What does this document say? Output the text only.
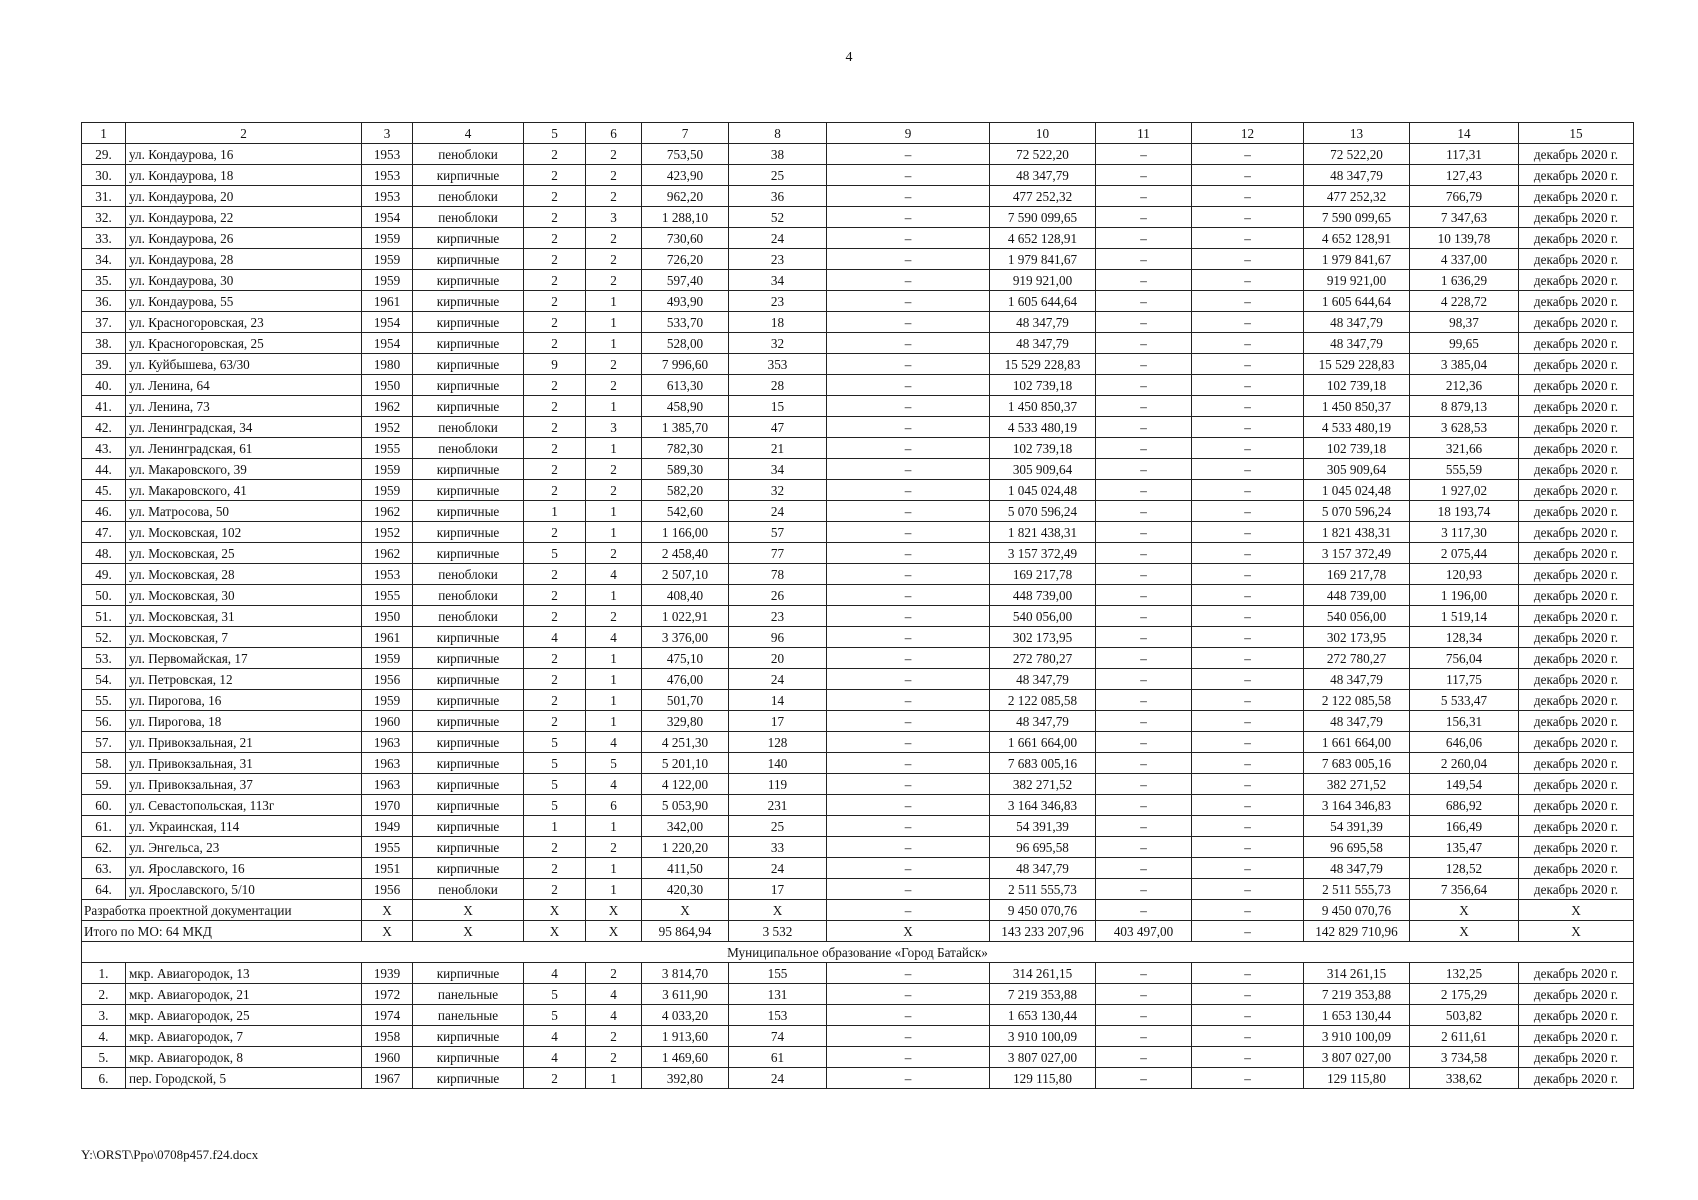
4
1	2	3	4	5	6	7	8	9	10	11	12	13	14	15
29.	ул. Кондаурова, 16	1953	пеноблоки	2	2	753,50	38	–	72 522,20	–	–	72 522,20	117,31	декабрь 2020 г.
30.	ул. Кондаурова, 18	1953	кирпичные	2	2	423,90	25	–	48 347,79	–	–	48 347,79	127,43	декабрь 2020 г.
31.	ул. Кондаурова, 20	1953	пеноблоки	2	2	962,20	36	–	477 252,32	–	–	477 252,32	766,79	декабрь 2020 г.
32.	ул. Кондаурова, 22	1954	пеноблоки	2	3	1 288,10	52	–	7 590 099,65	–	–	7 590 099,65	7 347,63	декабрь 2020 г.
33.	ул. Кондаурова, 26	1959	кирпичные	2	2	730,60	24	–	4 652 128,91	–	–	4 652 128,91	10 139,78	декабрь 2020 г.
34.	ул. Кондаурова, 28	1959	кирпичные	2	2	726,20	23	–	1 979 841,67	–	–	1 979 841,67	4 337,00	декабрь 2020 г.
35.	ул. Кондаурова, 30	1959	кирпичные	2	2	597,40	34	–	919 921,00	–	–	919 921,00	1 636,29	декабрь 2020 г.
36.	ул. Кондаурова, 55	1961	кирпичные	2	1	493,90	23	–	1 605 644,64	–	–	1 605 644,64	4 228,72	декабрь 2020 г.
37.	ул. Красногоровская, 23	1954	кирпичные	2	1	533,70	18	–	48 347,79	–	–	48 347,79	98,37	декабрь 2020 г.
38.	ул. Красногоровская, 25	1954	кирпичные	2	1	528,00	32	–	48 347,79	–	–	48 347,79	99,65	декабрь 2020 г.
39.	ул. Куйбышева, 63/30	1980	кирпичные	9	2	7 996,60	353	–	15 529 228,83	–	–	15 529 228,83	3 385,04	декабрь 2020 г.
40.	ул. Ленина, 64	1950	кирпичные	2	2	613,30	28	–	102 739,18	–	–	102 739,18	212,36	декабрь 2020 г.
41.	ул. Ленина, 73	1962	кирпичные	2	1	458,90	15	–	1 450 850,37	–	–	1 450 850,37	8 879,13	декабрь 2020 г.
42.	ул. Ленинградская, 34	1952	пеноблоки	2	3	1 385,70	47	–	4 533 480,19	–	–	4 533 480,19	3 628,53	декабрь 2020 г.
43.	ул. Ленинградская, 61	1955	пеноблоки	2	1	782,30	21	–	102 739,18	–	–	102 739,18	321,66	декабрь 2020 г.
44.	ул. Макаровского, 39	1959	кирпичные	2	2	589,30	34	–	305 909,64	–	–	305 909,64	555,59	декабрь 2020 г.
45.	ул. Макаровского, 41	1959	кирпичные	2	2	582,20	32	–	1 045 024,48	–	–	1 045 024,48	1 927,02	декабрь 2020 г.
46.	ул. Матросова, 50	1962	кирпичные	1	1	542,60	24	–	5 070 596,24	–	–	5 070 596,24	18 193,74	декабрь 2020 г.
47.	ул. Московская, 102	1952	кирпичные	2	1	1 166,00	57	–	1 821 438,31	–	–	1 821 438,31	3 117,30	декабрь 2020 г.
48.	ул. Московская, 25	1962	кирпичные	5	2	2 458,40	77	–	3 157 372,49	–	–	3 157 372,49	2 075,44	декабрь 2020 г.
49.	ул. Московская, 28	1953	пеноблоки	2	4	2 507,10	78	–	169 217,78	–	–	169 217,78	120,93	декабрь 2020 г.
50.	ул. Московская, 30	1955	пеноблоки	2	1	408,40	26	–	448 739,00	–	–	448 739,00	1 196,00	декабрь 2020 г.
51.	ул. Московская, 31	1950	пеноблоки	2	2	1 022,91	23	–	540 056,00	–	–	540 056,00	1 519,14	декабрь 2020 г.
52.	ул. Московская, 7	1961	кирпичные	4	4	3 376,00	96	–	302 173,95	–	–	302 173,95	128,34	декабрь 2020 г.
53.	ул. Первомайская, 17	1959	кирпичные	2	1	475,10	20	–	272 780,27	–	–	272 780,27	756,04	декабрь 2020 г.
54.	ул. Петровская, 12	1956	кирпичные	2	1	476,00	24	–	48 347,79	–	–	48 347,79	117,75	декабрь 2020 г.
55.	ул. Пирогова, 16	1959	кирпичные	2	1	501,70	14	–	2 122 085,58	–	–	2 122 085,58	5 533,47	декабрь 2020 г.
56.	ул. Пирогова, 18	1960	кирпичные	2	1	329,80	17	–	48 347,79	–	–	48 347,79	156,31	декабрь 2020 г.
57.	ул. Привокзальная, 21	1963	кирпичные	5	4	4 251,30	128	–	1 661 664,00	–	–	1 661 664,00	646,06	декабрь 2020 г.
58.	ул. Привокзальная, 31	1963	кирпичные	5	5	5 201,10	140	–	7 683 005,16	–	–	7 683 005,16	2 260,04	декабрь 2020 г.
59.	ул. Привокзальная, 37	1963	кирпичные	5	4	4 122,00	119	–	382 271,52	–	–	382 271,52	149,54	декабрь 2020 г.
60.	ул. Севастопольская, 113г	1970	кирпичные	5	6	5 053,90	231	–	3 164 346,83	–	–	3 164 346,83	686,92	декабрь 2020 г.
61.	ул. Украинская, 114	1949	кирпичные	1	1	342,00	25	–	54 391,39	–	–	54 391,39	166,49	декабрь 2020 г.
62.	ул. Энгельса, 23	1955	кирпичные	2	2	1 220,20	33	–	96 695,58	–	–	96 695,58	135,47	декабрь 2020 г.
63.	ул. Ярославского, 16	1951	кирпичные	2	1	411,50	24	–	48 347,79	–	–	48 347,79	128,52	декабрь 2020 г.
64.	ул. Ярославского, 5/10	1956	пеноблоки	2	1	420,30	17	–	2 511 555,73	–	–	2 511 555,73	7 356,64	декабрь 2020 г.
Разработка проектной документации		X	X	X	X	X	X	–	9 450 070,76	–	–	9 450 070,76	X	X
Итого по МО: 64 МКД		X	X	X	X	95 864,94	3 532	X	143 233 207,96	403 497,00	–	142 829 710,96	X	X
Муниципальное образование «Город Батайск»														
1.	мкр. Авиагородок, 13	1939	кирпичные	4	2	3 814,70	155	–	314 261,15	–	–	314 261,15	132,25	декабрь 2020 г.
2.	мкр. Авиагородок, 21	1972	панельные	5	4	3 611,90	131	–	7 219 353,88	–	–	7 219 353,88	2 175,29	декабрь 2020 г.
3.	мкр. Авиагородок, 25	1974	панельные	5	4	4 033,20	153	–	1 653 130,44	–	–	1 653 130,44	503,82	декабрь 2020 г.
4.	мкр. Авиагородок, 7	1958	кирпичные	4	2	1 913,60	74	–	3 910 100,09	–	–	3 910 100,09	2 611,61	декабрь 2020 г.
5.	мкр. Авиагородок, 8	1960	кирпичные	4	2	1 469,60	61	–	3 807 027,00	–	–	3 807 027,00	3 734,58	декабрь 2020 г.
6.	пер. Городской, 5	1967	кирпичные	2	1	392,80	24	–	129 115,80	–	–	129 115,80	338,62	декабрь 2020 г.
Y:\ORST\Ppo\0708p457.f24.docx
